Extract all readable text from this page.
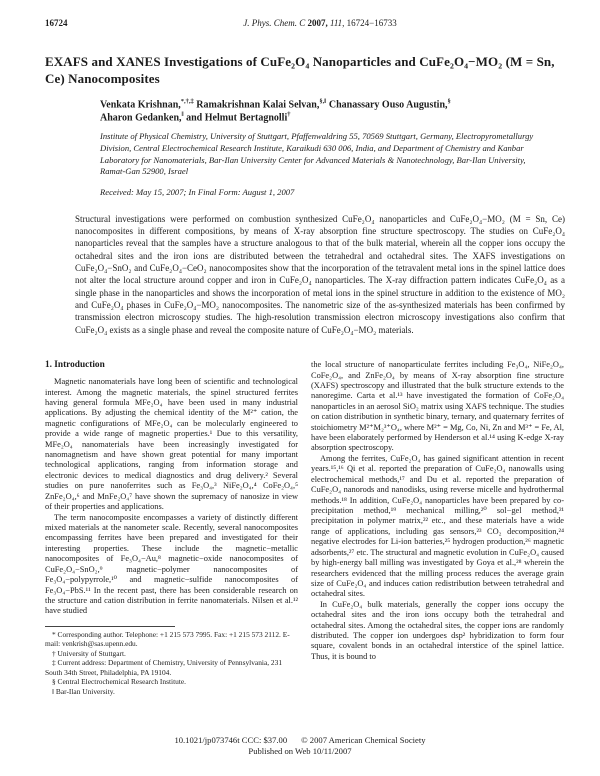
16724	J. Phys. Chem. C 2007, 111, 16724−16733
EXAFS and XANES Investigations of CuFe₂O₄ Nanoparticles and CuFe₂O₄−MO₂ (M = Sn, Ce) Nanocomposites
Venkata Krishnan,*,†,‡ Ramakrishnan Kalai Selvan,§,‖ Chanassary Ouso Augustin,§
Aharon Gedanken,‖ and Helmut Bertagnolli†
Institute of Physical Chemistry, University of Stuttgart, Pfaffenwaldring 55, 70569 Stuttgart, Germany, Electropyrometallurgy Division, Central Electrochemical Research Institute, Karaikudi 630 006, India, and Department of Chemistry and Kanbar Laboratory for Nanomaterials, Bar-Ilan University Center for Advanced Materials & Nanotechnology, Bar-Ilan University, Ramat-Gan 52900, Israel
Received: May 15, 2007; In Final Form: August 1, 2007
Structural investigations were performed on combustion synthesized CuFe₂O₄ nanoparticles and CuFe₂O₄−MO₂ (M = Sn, Ce) nanocomposites in different compositions, by means of X-ray absorption fine structure spectroscopy. The studies on CuFe₂O₄ nanoparticles reveal that the samples have a structure analogous to that of the bulk material, wherein all the copper ions occupy the octahedral sites and the iron ions are distributed between the tetrahedral and octahedral sites. The XAFS investigations on CuFe₂O₄−SnO₂ and CuFe₂O₄−CeO₂ nanocomposites show that the incorporation of the tetravalent metal ions in the spinel lattice does not alter the local structure around copper and iron in CuFe₂O₄ nanoparticles. The X-ray diffraction pattern indicates CuFe₂O₄ as a single phase in the nanoparticles and shows the incorporation of metal ions in the spinel structure in addition to the existence of MO₂ and CuFe₂O₄ phases in CuFe₂O₄−MO₂ nanocomposites. The nanometric size of the as-synthesized materials has been confirmed by transmission electron microscopy studies. The high-resolution transmission electron microscopy investigations also confirm that CuFe₂O₄ exists as a single phase and reveal the composite nature of CuFe₂O₄−MO₂ materials.
1. Introduction

Magnetic nanomaterials have long been of scientific and technological interest. Among the magnetic materials, the spinel structured ferrites having general formula MFe₂O₄ have been used in many industrial applications. By adjusting the chemical identity of the M²⁺ cation, the magnetic configurations of MFe₂O₄ can be molecularly engineered to provide a wide range of magnetic properties.¹ Due to this versatility, MFe₂O₄ nanomaterials have been increasingly investigated for nanomagnetism and have shown great potential for many important technological applications, ranging from information storage and electronic devices to medical diagnostics and drug delivery.² Several studies on pure nanoferrites such as Fe₃O₄,³ NiFe₂O₄,⁴ CoFe₂O₄,⁵ ZnFe₂O₄,⁶ and MnFe₂O₄⁷ have shown the supremacy of nanosize in view of their properties and applications.

The term nanocomposite encompasses a variety of distinctly different mixed materials at the nanometer scale. Recently, several nanocomposites encompassing ferrites have been prepared and investigated for their interesting properties. These include the magnetic−metallic nanocomposites of Fe₃O₄−Au,⁸ magnetic−oxide nanocomposites of CuFe₂O₄−SnO₂,⁹ magnetic−polymer nanocomposites of Fe₃O₄−polypyrrole,¹⁰ and magnetic−sulfide nanocomposites of Fe₃O₄−PbS.¹¹ In the recent past, there has been considerable research on the structure and cation distribution in ferrite nanomaterials. Nilsen et al.¹² have studied

* Corresponding author. Telephone: +1 215 573 7995. Fax: +1 215 573 2112. E-mail: venkrish@sas.upenn.edu.

† University of Stuttgart.

‡ Current address: Department of Chemistry, University of Pennsylvania, 231 South 34th Street, Philadelphia, PA 19104.

§ Central Electrochemical Research Institute.

‖ Bar-Ilan University.

the local structure of nanoparticulate ferrites including Fe₃O₄, NiFe₂O₄, CoFe₂O₄, and ZnFe₂O₄ by means of X-ray absorption fine structure (XAFS) spectroscopy and illustrated that the bulk structure extends to the nanoregime. Carta et al.¹³ have investigated the formation of CoFe₂O₄ nanoparticles in an aerosol SiO₂ matrix using XAFS technique. The studies on cation distribution in synthetic binary, ternary, and quaternary ferrites of stoichiometry M²⁺M₂³⁺O₄, where M²⁺ = Mg, Co, Ni, Zn and M³⁺ = Fe, Al, have been elaborately performed by Henderson et al.¹⁴ using K-edge X-ray absorption spectroscopy.

Among the ferrites, CuFe₂O₄ has gained significant attention in recent years.¹⁵,¹⁶ Qi et al. reported the preparation of CuFe₂O₄ nanowalls using electrochemical methods,¹⁷ and Du et al. reported the preparation of CuFe₂O₄ nanorods and nanodisks, using reverse micelle and hydrothermal methods.¹⁸ In addition, CuFe₂O₄ nanoparticles have been prepared by co-precipitation method,¹⁹ mechanical milling,²⁰ sol−gel method,²¹ precipitation in polymer matrix,²² etc., and these materials have a wide range of applications, including gas sensors,²³ CO₂ decomposition,²⁴ negative electrodes for Li-ion batteries,²⁵ hydrogen production,²⁶ magnetic adsorbents,²⁷ etc. The structural and magnetic evolution in CuFe₂O₄ caused by high-energy ball milling was investigated by Goya et al.,²⁸ wherein the researchers evidenced that the milling process reduces the average grain size of CuFe₂O₄ and induces cation redistribution between tetrahedral and octahedral sites.

In CuFe₂O₄ bulk materials, generally the copper ions occupy the octahedral sites and the iron ions occupy both the tetrahedral and octahedral sites. Among the octahedral sites, the copper ions are randomly distributed. The copper ion undergoes dsp² hybridization to form four square, covalent bonds in an octahedral interstice of the spinel lattice. Thus, it is bound to

10.1021/jp073746t CCC: $37.00 © 2007 American Chemical Society
Published on Web 10/11/2007
